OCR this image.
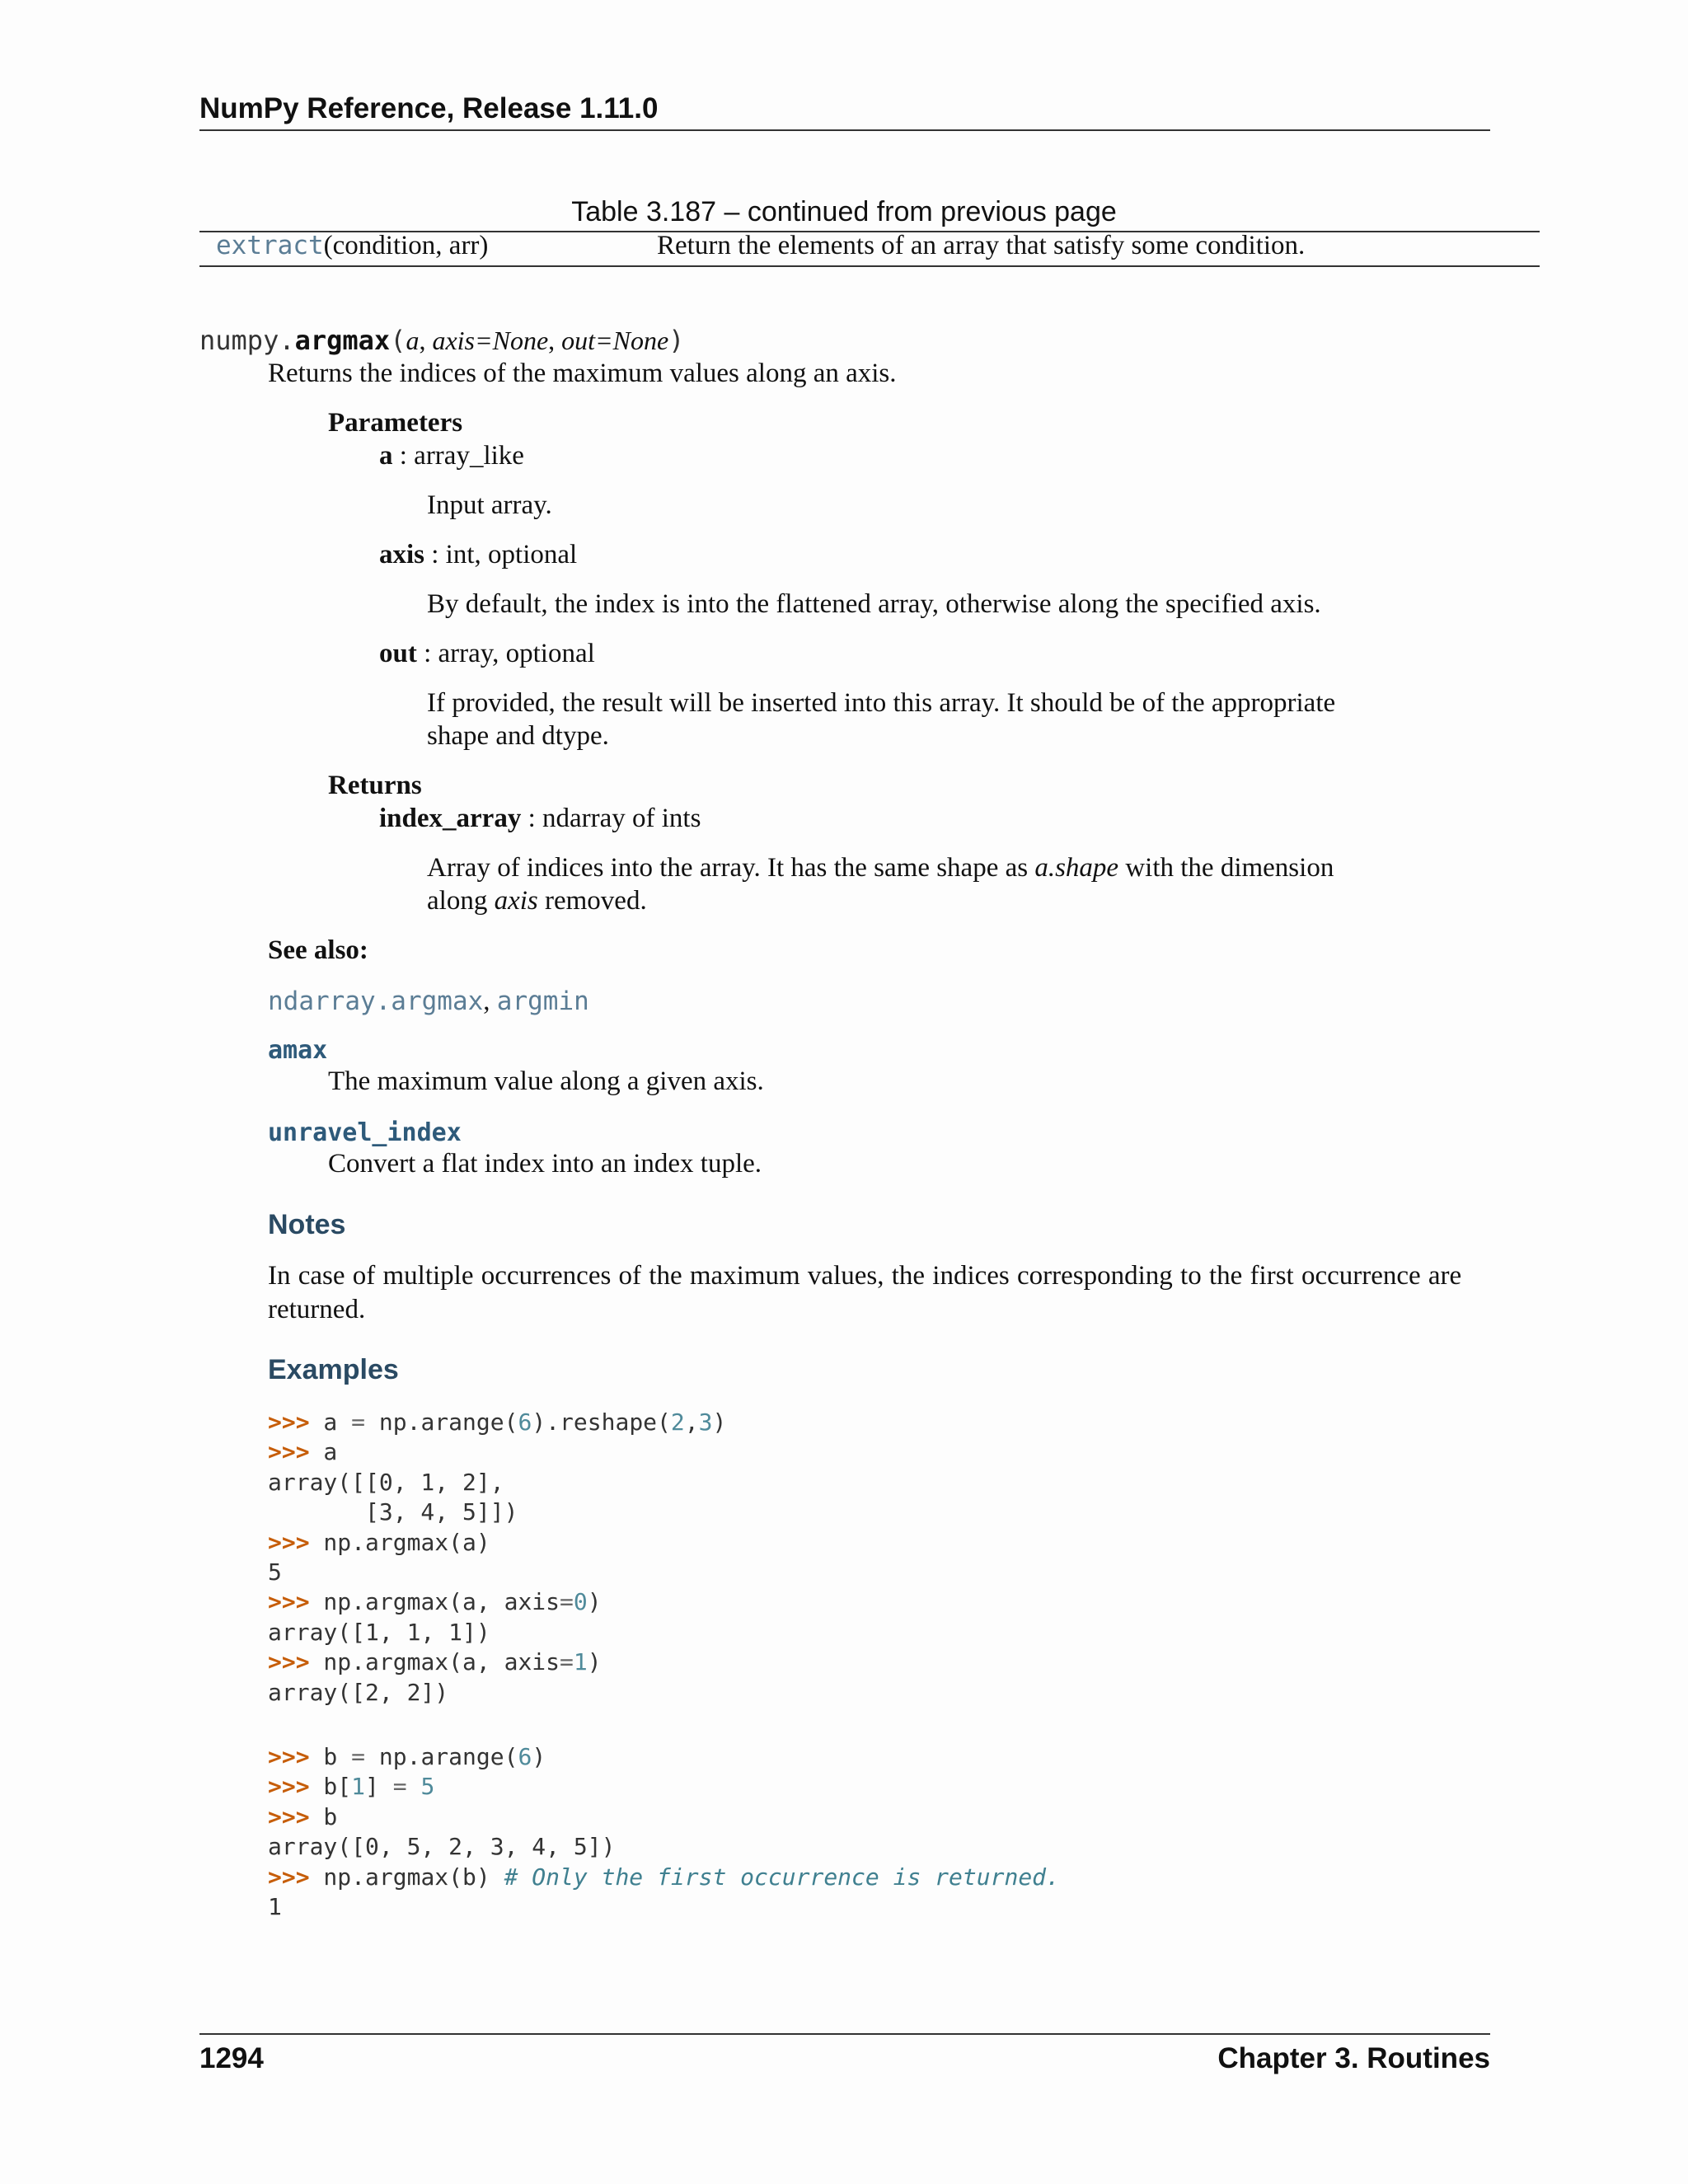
NumPy Reference, Release 1.11.0
Table 3.187 – continued from previous page
extract(condition, arr)	Return the elements of an array that satisfy some condition.
numpy.argmax(a, axis=None, out=None)
Returns the indices of the maximum values along an axis.
Parameters
a : array_like
Input array.
axis : int, optional
By default, the index is into the flattened array, otherwise along the specified axis.
out : array, optional
If provided, the result will be inserted into this array. It should be of the appropriate
shape and dtype.
Returns
index_array : ndarray of ints
Array of indices into the array. It has the same shape as a.shape with the dimension
along axis removed.
See also:
ndarray.argmax, argmin
amax
The maximum value along a given axis.
unravel_index
Convert a flat index into an index tuple.
Notes
In case of multiple occurrences of the maximum values, the indices corresponding to the first occurrence are
returned.
Examples
>>> a = np.arange(6).reshape(2,3)
>>> a
array([[0, 1, 2],
[3, 4, 5]])
>>> np.argmax(a)
5
>>> np.argmax(a, axis=0)
array([1, 1, 1])
>>> np.argmax(a, axis=1)
array([2, 2])
>>> b = np.arange(6)
>>> b[1] = 5
>>> b
array([0, 5, 2, 3, 4, 5])
>>> np.argmax(b) # Only the first occurrence is returned.
1
1294	Chapter 3. Routines
